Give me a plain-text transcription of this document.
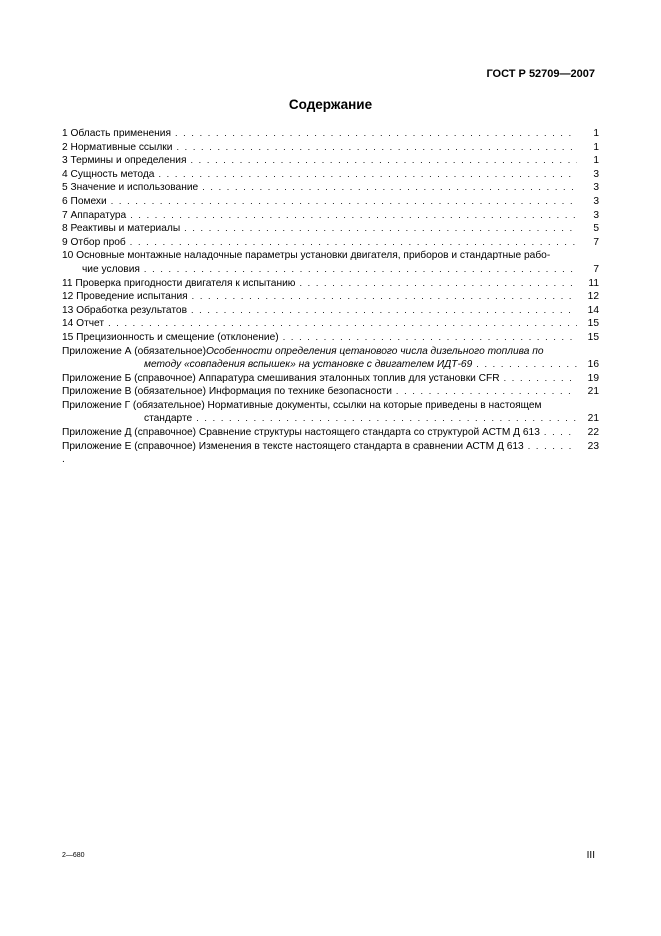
ГОСТ Р 52709—2007
Содержание
1 Область применения . . .	1
2 Нормативные ссылки . . .	1
3 Термины и определения . . .	1
4 Сущность метода . . .	3
5 Значение и использование . . .	3
6 Помехи . . .	3
7 Аппаратура . . .	3
8 Реактивы и материалы . . .	5
9 Отбор проб . . .	7
10 Основные монтажные наладочные параметры установки двигателя, приборов и стандартные рабо-
чие условия . . .	7
11 Проверка пригодности двигателя к испытанию . . .	11
12 Проведение испытания . . .	12
13 Обработка результатов . . .	14
14 Отчет . . .	15
15 Прецизионность и смещение (отклонение) . . .	15
Приложение А (обязательное) Особенности определения цетанового числа дизельного топлива по
методу «совпадения вспышек» на установке с двигателем ИДТ-69 . . .	16
Приложение Б (справочное) Аппаратура смешивания эталонных топлив для установки CFR . . .	19
Приложение В (обязательное) Информация по технике безопасности . . .	21
Приложение Г (обязательное) Нормативные документы, ссылки на которые приведены в настоящем
стандарте . . .	21
Приложение Д (справочное) Сравнение структуры настоящего стандарта со структурой АСТМ Д 613 . . .	22
Приложение Е (справочное) Изменения в тексте настоящего стандарта в сравнении АСТМ Д 613 . . .	23
.
2—680	III
